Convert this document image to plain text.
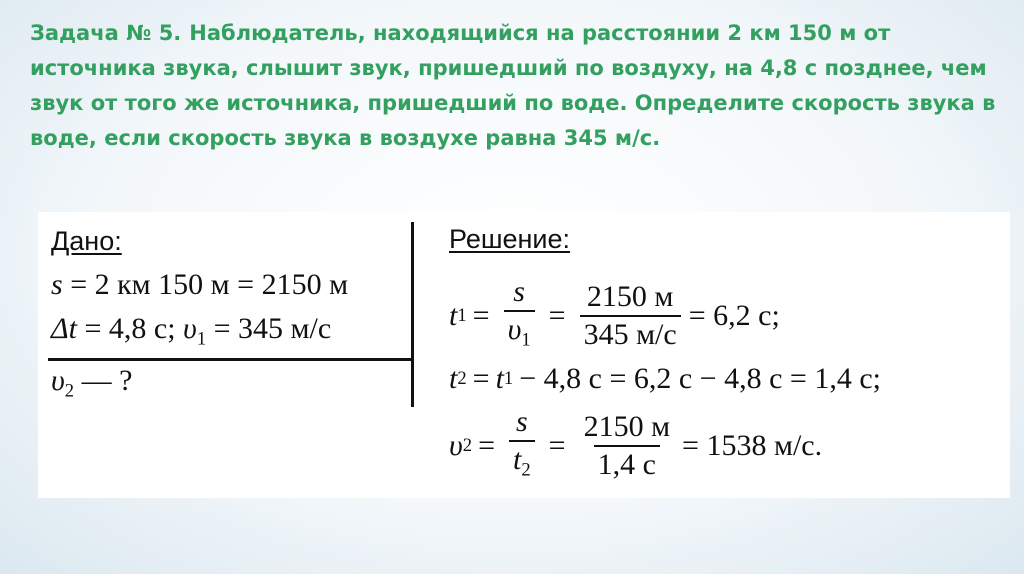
Задача № 5. Наблюдатель, находящийся на расстоянии 2 км 150 м от источника звука, слышит звук, пришедший по воздуху, на 4,8 с позднее, чем звук от того же источника, пришедший по воде. Определите скорость звука в воде, если скорость звука в воздухе равна 345 м/с.

Дано:
s = 2 км 150 м = 2150 м
Δt = 4,8 с; $\upsilon_1 = 345$ м/с
$\upsilon_2$ — ?
Решение:
t $1 = \frac{s}{\upsilon_1} = \frac{2150 м}{345 м/с} = 6,2$ с;
t 2 = t 1 − 4,8 с = 6,2 с − 4,8 с = 1,4 с;
υ $2 = \frac{s}{t_2} = \frac{2150 м}{1,4 с} = 1538$ м/с.
